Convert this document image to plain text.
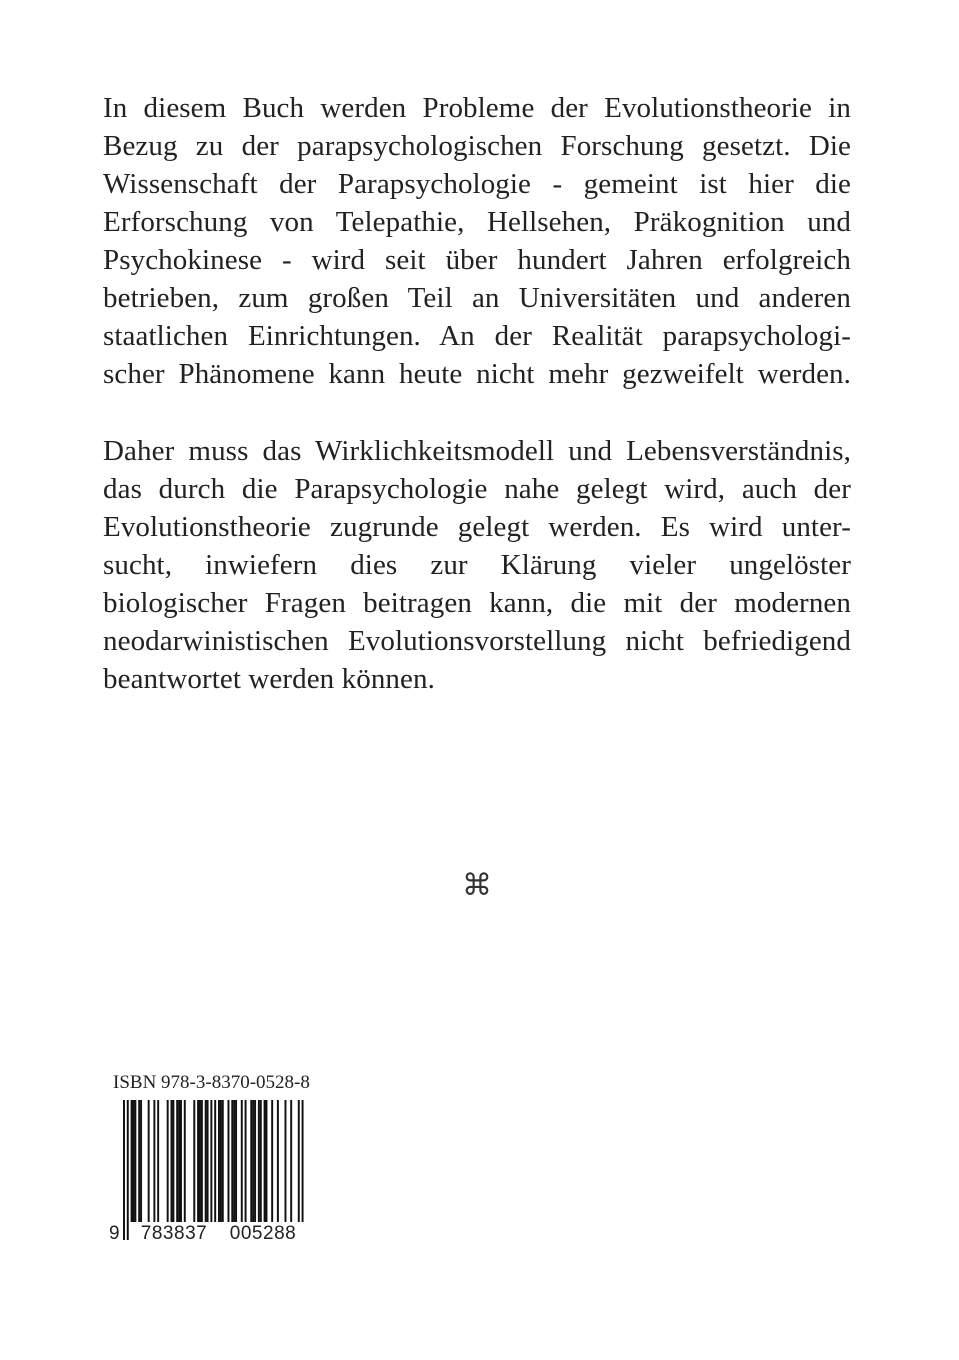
In diesem Buch werden Probleme der Evolutionstheorie in
Bezug zu der parapsychologischen Forschung gesetzt. Die
Wissenschaft der Parapsychologie - gemeint ist hier die
Erforschung von Telepathie, Hellsehen, Präkognition und
Psychokinese - wird seit über hundert Jahren erfolgreich
betrieben, zum großen Teil an Universitäten und anderen
staatlichen Einrichtungen. An der Realität parapsychologi-
scher Phänomene kann heute nicht mehr gezweifelt werden.
Daher muss das Wirklichkeitsmodell und Lebensverständnis,
das durch die Parapsychologie nahe gelegt wird, auch der
Evolutionstheorie zugrunde gelegt werden. Es wird unter-
sucht, inwiefern dies zur Klärung vieler ungelöster
biologischer Fragen beitragen kann, die mit der modernen
neodarwinistischen Evolutionsvorstellung nicht befriedigend
beantwortet werden können.
⌘
ISBN 978-3-8370-0528-8
9	783837	005288
